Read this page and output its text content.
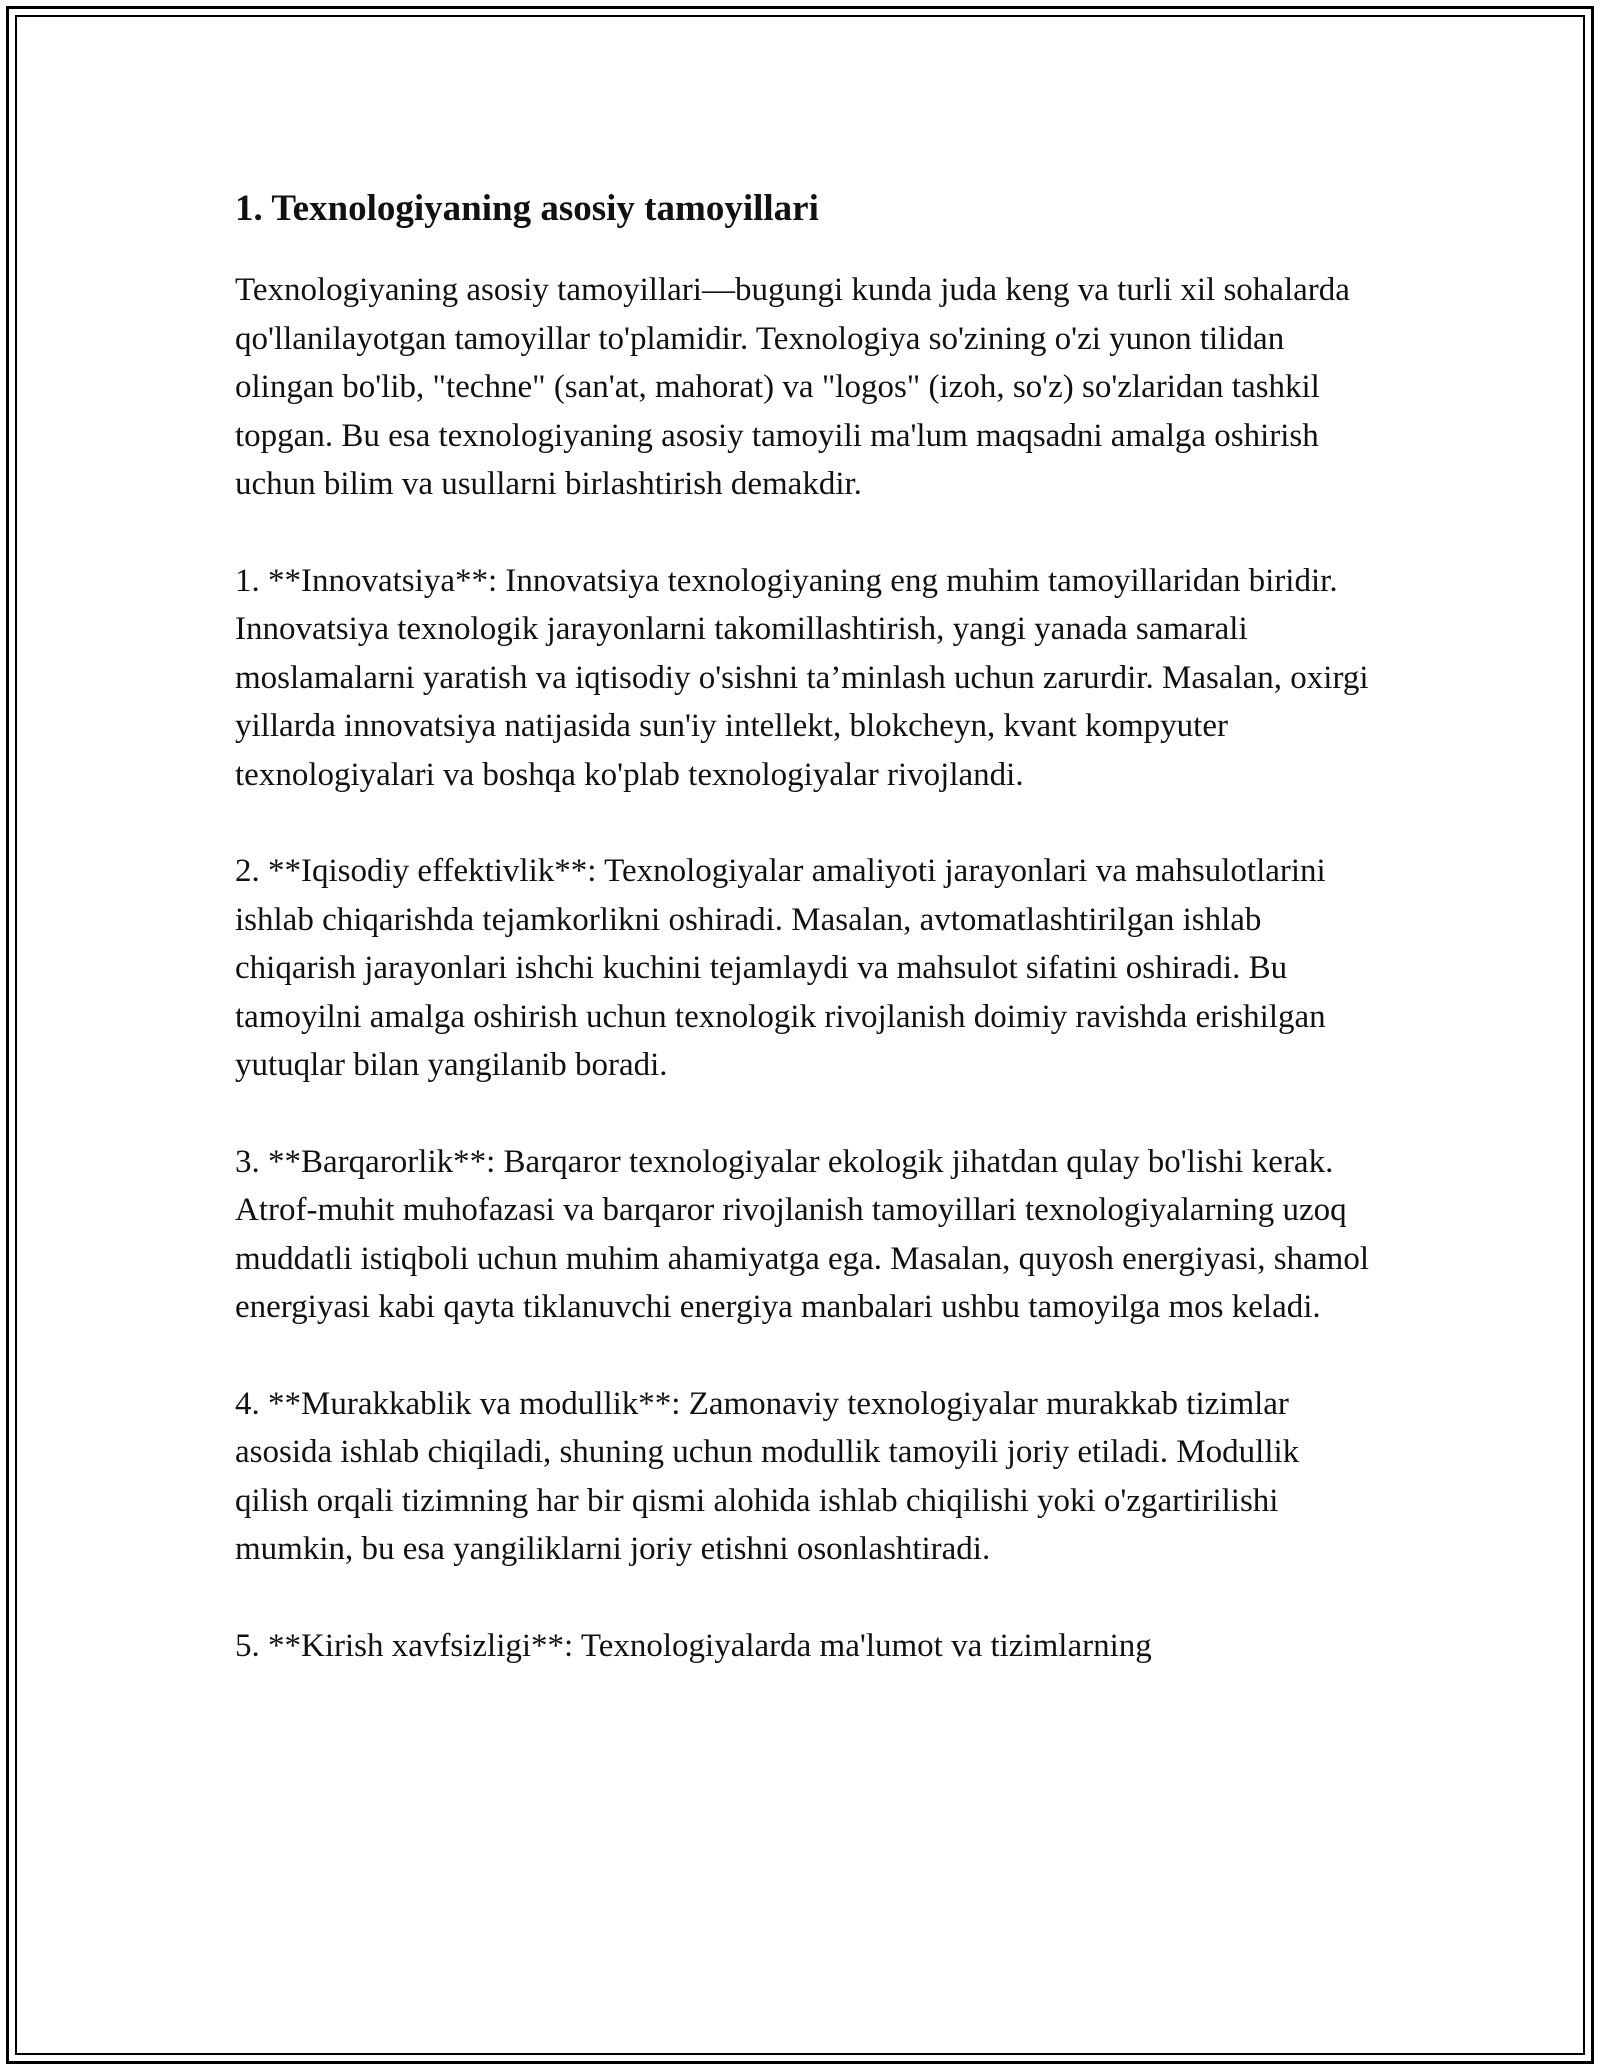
1. Texnologiyaning asosiy tamoyillari

Texnologiyaning asosiy tamoyillari—bugungi kunda juda keng va turli xil sohalarda qo'llanilayotgan tamoyillar to'plamidir. Texnologiya so'zining o'zi yunon tilidan olingan bo'lib, "techne" (san'at, mahorat) va "logos" (izoh, so'z) so'zlaridan tashkil topgan. Bu esa texnologiyaning asosiy tamoyili ma'lum maqsadni amalga oshirish uchun bilim va usullarni birlashtirish demakdir.

1. **Innovatsiya**: Innovatsiya texnologiyaning eng muhim tamoyillaridan biridir. Innovatsiya texnologik jarayonlarni takomillashtirish, yangi yanada samarali moslamalarni yaratish va iqtisodiy o'sishni ta’minlash uchun zarurdir. Masalan, oxirgi yillarda innovatsiya natijasida sun'iy intellekt, blokcheyn, kvant kompyuter texnologiyalari va boshqa ko'plab texnologiyalar rivojlandi.

2. **Iqisodiy effektivlik**: Texnologiyalar amaliyoti jarayonlari va mahsulotlarini ishlab chiqarishda tejamkorlikni oshiradi. Masalan, avtomatlashtirilgan ishlab chiqarish jarayonlari ishchi kuchini tejamlaydi va mahsulot sifatini oshiradi. Bu tamoyilni amalga oshirish uchun texnologik rivojlanish doimiy ravishda erishilgan yutuqlar bilan yangilanib boradi.

3. **Barqarorlik**: Barqaror texnologiyalar ekologik jihatdan qulay bo'lishi kerak. Atrof-muhit muhofazasi va barqaror rivojlanish tamoyillari texnologiyalarning uzoq muddatli istiqboli uchun muhim ahamiyatga ega. Masalan, quyosh energiyasi, shamol energiyasi kabi qayta tiklanuvchi energiya manbalari ushbu tamoyilga mos keladi.

4. **Murakkablik va modullik**: Zamonaviy texnologiyalar murakkab tizimlar asosida ishlab chiqiladi, shuning uchun modullik tamoyili joriy etiladi. Modullik qilish orqali tizimning har bir qismi alohida ishlab chiqilishi yoki o'zgartirilishi mumkin, bu esa yangiliklarni joriy etishni osonlashtiradi.

5. **Kirish xavfsizligi**: Texnologiyalarda ma'lumot va tizimlarning
